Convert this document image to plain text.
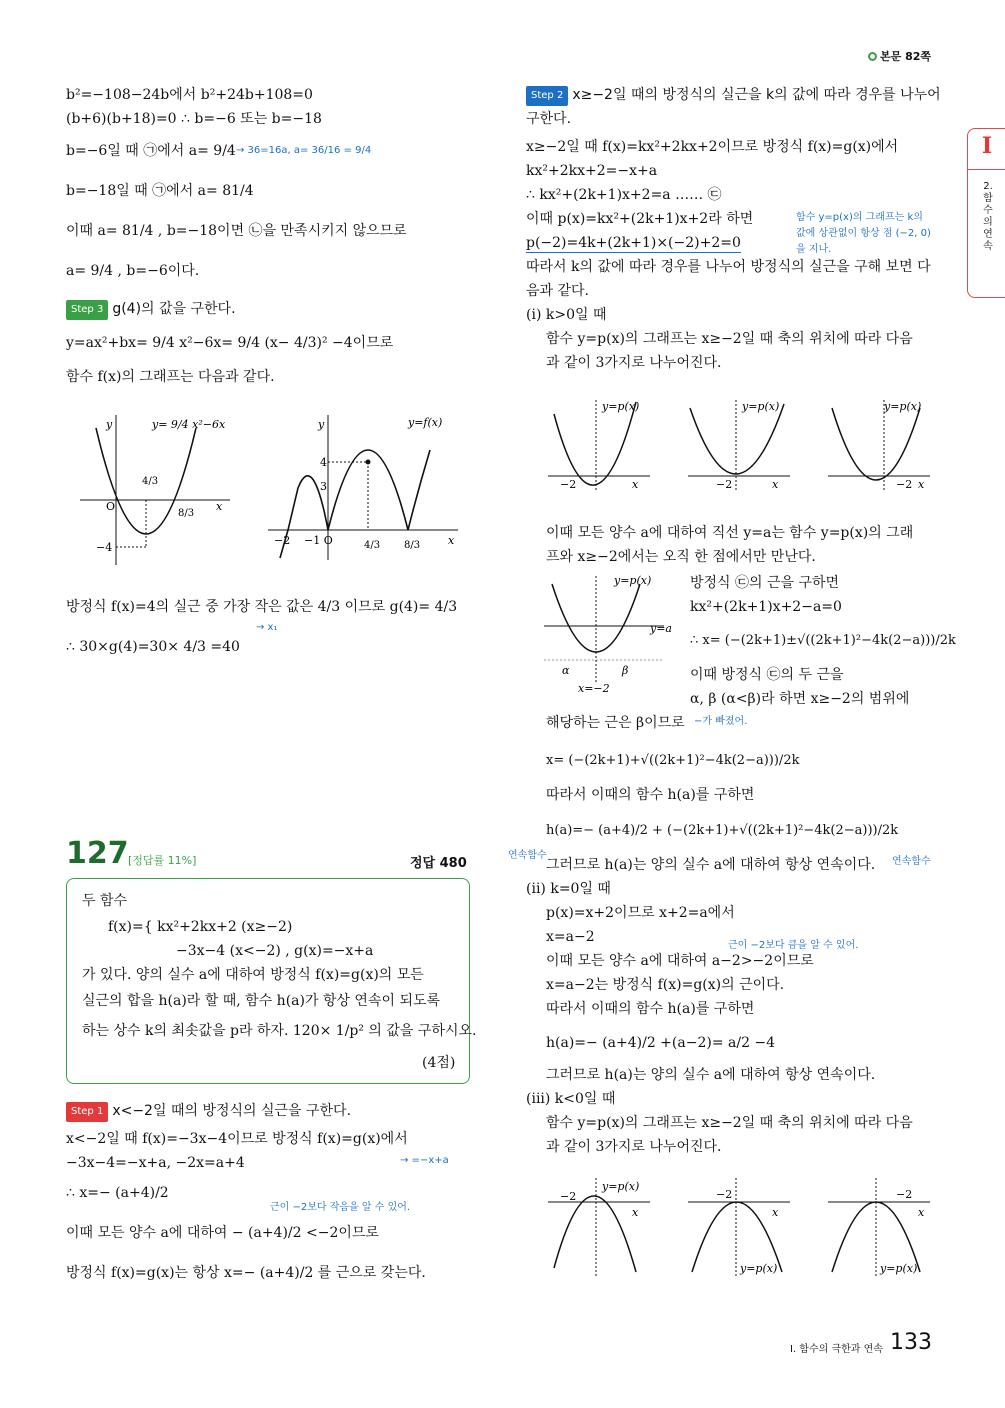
본문 82쪽
I
2.함수의연속
b²=−108−24b에서 b²+24b+108=0
(b+6)(b+18)=0 ∴ b=−6 또는 b=−18
b=−6일 때 ㉠에서 a= 9/4 → 36=16a, a= 36/16 = 9/4
b=−18일 때 ㉠에서 a= 81/4
이때 a= 81/4 , b=−18이면 ㉡을 만족시키지 않으므로
a= 9/4 , b=−6이다.
Step 3 g(4)의 값을 구한다.
y=ax²+bx= 9/4 x²−6x= 9/4 (x− 4/3)² −4이므로
함수 f(x)의 그래프는 다음과 같다.
y
O
−4
4/3
8/3
x
y= 9/4 x²−6x	y
4
3
−2 −1 O	4/3 8/3	x
y=f(x)
방정식 f(x)=4의 실근 중 가장 작은 값은 4/3 이므로 g(4)= 4/3
→ x₁
∴ 30×g(4)=30× 4/3 =40
127 [정답률 11%]	정답 480
두 함수
f(x)={ kx²+2kx+2 (x≥−2)
−3x−4 (x<−2) , g(x)=−x+a
가 있다. 양의 실수 a에 대하여 방정식 f(x)=g(x)의 모든
실근의 합을 h(a)라 할 때, 함수 h(a)가 항상 연속이 되도록
하는 상수 k의 최솟값을 p라 하자. 120× 1/p² 의 값을 구하시오.
(4점)
Step 1 x<−2일 때의 방정식의 실근을 구한다.
x<−2일 때 f(x)=−3x−4이므로 방정식 f(x)=g(x)에서
→ =−x+a
−3x−4=−x+a, −2x=a+4
∴ x=− (a+4)/2
근이 −2보다 작음을 알 수 있어.
이때 모든 양수 a에 대하여 − (a+4)/2 <−2이므로
방정식 f(x)=g(x)는 항상 x=− (a+4)/2 를 근으로 갖는다.
Step 2 x≥−2일 때의 방정식의 실근을 k의 값에 따라 경우를 나누어
구한다.
x≥−2일 때 f(x)=kx²+2kx+2이므로 방정식 f(x)=g(x)에서
kx²+2kx+2=−x+a
∴ kx²+(2k+1)x+2=a …… ㉢
이때 p(x)=kx²+(2k+1)x+2라 하면
p(−2)=4k+(2k+1)×(−2)+2=0
함수 y=p(x)의 그래프는 k의
값에 상관없이 항상 점 (−2, 0)
을 지나.
따라서 k의 값에 따라 경우를 나누어 방정식의 실근을 구해 보면 다
음과 같다.
(i) k>0일 때
함수 y=p(x)의 그래프는 x≥−2일 때 축의 위치에 따라 다음
과 같이 3가지로 나누어진다.
y=p(x)
−2	x
y=p(x)
−2	x
y=p(x)
−2 x
이때 모든 양수 a에 대하여 직선 y=a는 함수 y=p(x)의 그래
프와 x≥−2에서는 오직 한 점에서만 만난다.
y=p(x)
y=a
α	β
x=−2
방정식 ㉢의 근을 구하면
kx²+(2k+1)x+2−a=0
∴ x= (−(2k+1)±√((2k+1)²−4k(2−a)))/2k
이때 방정식 ㉢의 두 근을
α, β (α<β)라 하면 x≥−2의 범위에
해당하는 근은 β이므로 −가 빠졌어.
x= (−(2k+1)+√((2k+1)²−4k(2−a)))/2k
따라서 이때의 함수 h(a)를 구하면
h(a)=− (a+4)/2 + (−(2k+1)+√((2k+1)²−4k(2−a)))/2k
연속함수
연속함수
그러므로 h(a)는 양의 실수 a에 대하여 항상 연속이다.
(ii) k=0일 때
p(x)=x+2이므로 x+2=a에서
x=a−2
근이 −2보다 큼을 알 수 있어.
이때 모든 양수 a에 대하여 a−2>−2이므로
x=a−2는 방정식 f(x)=g(x)의 근이다.
따라서 이때의 함수 h(a)를 구하면
h(a)=− (a+4)/2 +(a−2)= a/2 −4
그러므로 h(a)는 양의 실수 a에 대하여 항상 연속이다.
(iii) k<0일 때
함수 y=p(x)의 그래프는 x≥−2일 때 축의 위치에 따라 다음
과 같이 3가지로 나누어진다.
y=p(x)
−2
x
y=p(x)
−2
x
y=p(x)
−2
x
I. 함수의 극한과 연속 133
